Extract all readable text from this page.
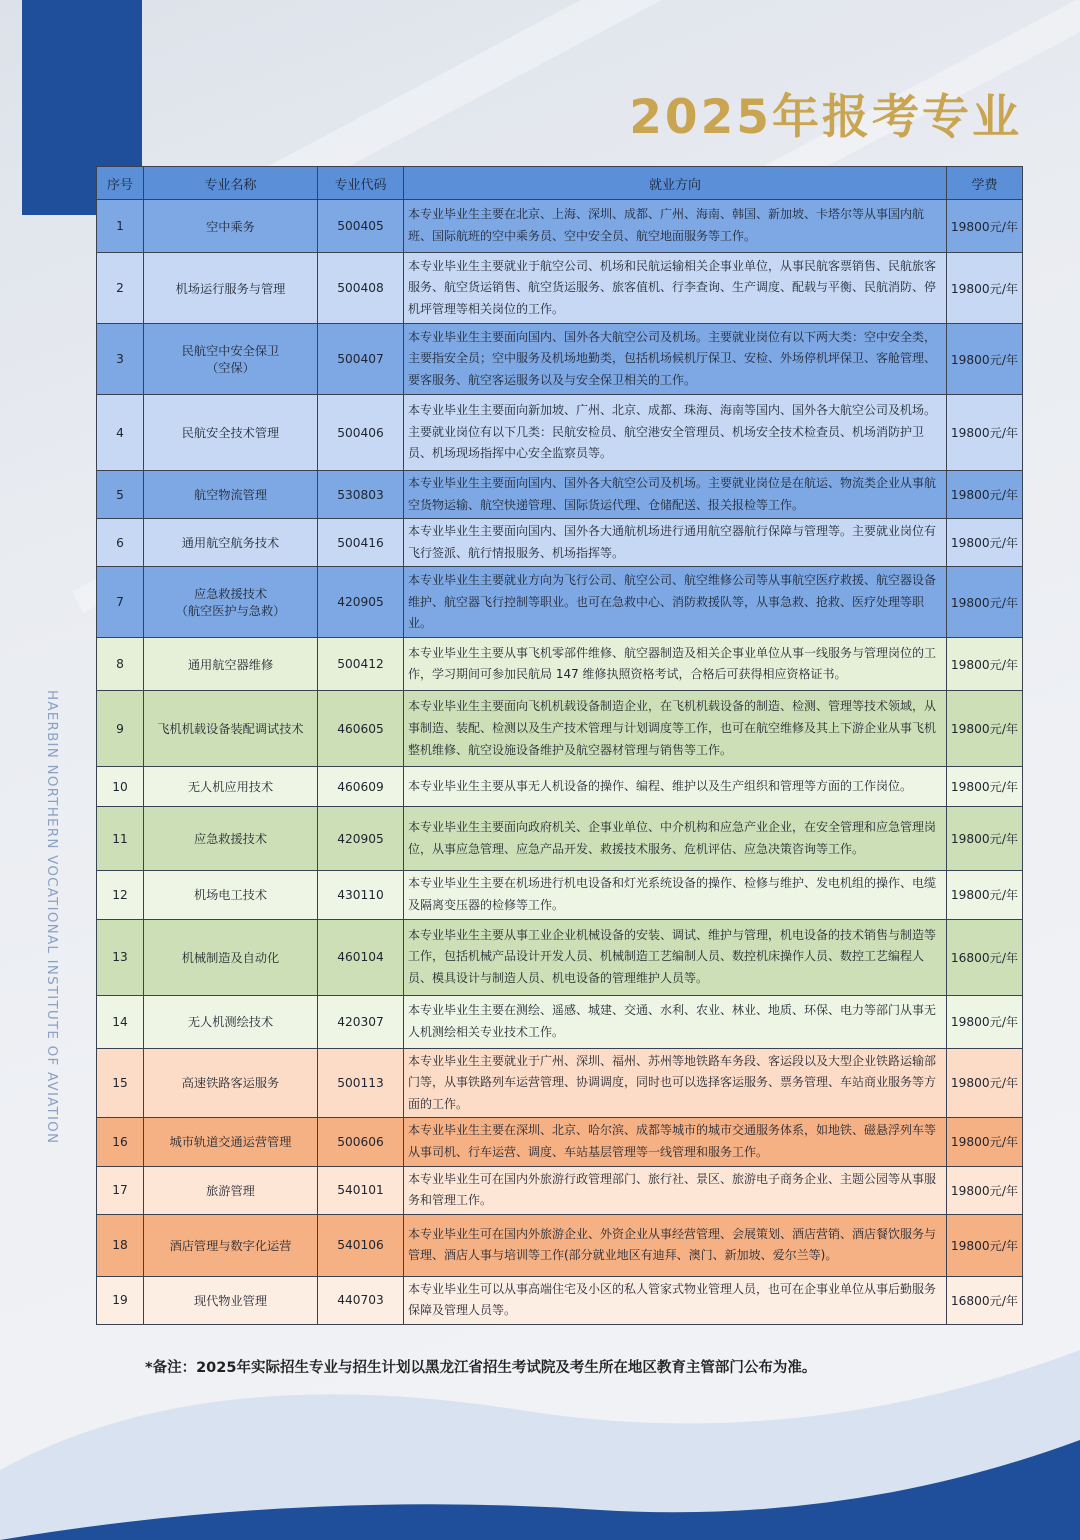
HAERBIN NORTHERN VOCATIONAL INSTITUTE OF AVIATION
2025年报考专业
序号	专业名称	专业代码	就业方向	学费
1	空中乘务	500405	本专业毕业生主要在北京、上海、深圳、成都、广州、海南、韩国、新加坡、卡塔尔等从事国内航班、国际航班的空中乘务员、空中安全员、航空地面服务等工作。	19800元/年
2	机场运行服务与管理	500408	本专业毕业生主要就业于航空公司、机场和民航运输相关企事业单位，从事民航客票销售、民航旅客服务、航空货运销售、航空货运服务、旅客值机、行李查询、生产调度、配载与平衡、民航消防、停机坪管理等相关岗位的工作。	19800元/年
3	民航空中安全保卫
（空保）	500407	本专业毕业生主要面向国内、国外各大航空公司及机场。主要就业岗位有以下两大类：空中安全类，主要指安全员；空中服务及机场地勤类，包括机场候机厅保卫、安检、外场停机坪保卫、客舱管理、要客服务、航空客运服务以及与安全保卫相关的工作。	19800元/年
4	民航安全技术管理	500406	本专业毕业生主要面向新加坡、广州、北京、成都、珠海、海南等国内、国外各大航空公司及机场。主要就业岗位有以下几类：民航安检员、航空港安全管理员、机场安全技术检查员、机场消防护卫员、机场现场指挥中心安全监察员等。	19800元/年
5	航空物流管理	530803	本专业毕业生主要面向国内、国外各大航空公司及机场。主要就业岗位是在航运、物流类企业从事航空货物运输、航空快递管理、国际货运代理、仓储配送、报关报检等工作。	19800元/年
6	通用航空航务技术	500416	本专业毕业生主要面向国内、国外各大通航机场进行通用航空器航行保障与管理等。主要就业岗位有飞行签派、航行情报服务、机场指挥等。	19800元/年
7	应急救援技术
（航空医护与急救）	420905	本专业毕业生主要就业方向为飞行公司、航空公司、航空维修公司等从事航空医疗救援、航空器设备维护、航空器飞行控制等职业。也可在急救中心、消防救援队等，从事急救、抢救、医疗处理等职业。	19800元/年
8	通用航空器维修	500412	本专业毕业生主要从事飞机零部件维修、航空器制造及相关企事业单位从事一线服务与管理岗位的工作，学习期间可参加民航局 147 维修执照资格考试，合格后可获得相应资格证书。	19800元/年
9	飞机机载设备装配调试技术	460605	本专业毕业生主要面向飞机机载设备制造企业，在飞机机载设备的制造、检测、管理等技术领域，从事制造、装配、检测以及生产技术管理与计划调度等工作，也可在航空维修及其上下游企业从事飞机整机维修、航空设施设备维护及航空器材管理与销售等工作。	19800元/年
10	无人机应用技术	460609	本专业毕业生主要从事无人机设备的操作、编程、维护以及生产组织和管理等方面的工作岗位。	19800元/年
11	应急救援技术	420905	本专业毕业生主要面向政府机关、企事业单位、中介机构和应急产业企业，在安全管理和应急管理岗位，从事应急管理、应急产品开发、救援技术服务、危机评估、应急决策咨询等工作。	19800元/年
12	机场电工技术	430110	本专业毕业生主要在机场进行机电设备和灯光系统设备的操作、检修与维护、发电机组的操作、电缆及隔离变压器的检修等工作。	19800元/年
13	机械制造及自动化	460104	本专业毕业生主要从事工业企业机械设备的安装、调试、维护与管理，机电设备的技术销售与制造等工作，包括机械产品设计开发人员、机械制造工艺编制人员、数控机床操作人员、数控工艺编程人员、模具设计与制造人员、机电设备的管理维护人员等。	16800元/年
14	无人机测绘技术	420307	本专业毕业生主要在测绘、遥感、城建、交通、水利、农业、林业、地质、环保、电力等部门从事无人机测绘相关专业技术工作。	19800元/年
15	高速铁路客运服务	500113	本专业毕业生主要就业于广州、深圳、福州、苏州等地铁路车务段、客运段以及大型企业铁路运输部门等，从事铁路列车运营管理、协调调度，同时也可以选择客运服务、票务管理、车站商业服务等方面的工作。	19800元/年
16	城市轨道交通运营管理	500606	本专业毕业生主要在深圳、北京、哈尔滨、成都等城市的城市交通服务体系，如地铁、磁悬浮列车等从事司机、行车运营、调度、车站基层管理等一线管理和服务工作。	19800元/年
17	旅游管理	540101	本专业毕业生可在国内外旅游行政管理部门、旅行社、景区、旅游电子商务企业、主题公园等从事服务和管理工作。	19800元/年
18	酒店管理与数字化运营	540106	本专业毕业生可在国内外旅游企业、外资企业从事经营管理、会展策划、酒店营销、酒店餐饮服务与管理、酒店人事与培训等工作(部分就业地区有迪拜、澳门、新加坡、爱尔兰等)。	19800元/年
19	现代物业管理	440703	本专业毕业生可以从事高端住宅及小区的私人管家式物业管理人员，也可在企事业单位从事后勤服务保障及管理人员等。	16800元/年
*备注：2025年实际招生专业与招生计划以黑龙江省招生考试院及考生所在地区教育主管部门公布为准。
